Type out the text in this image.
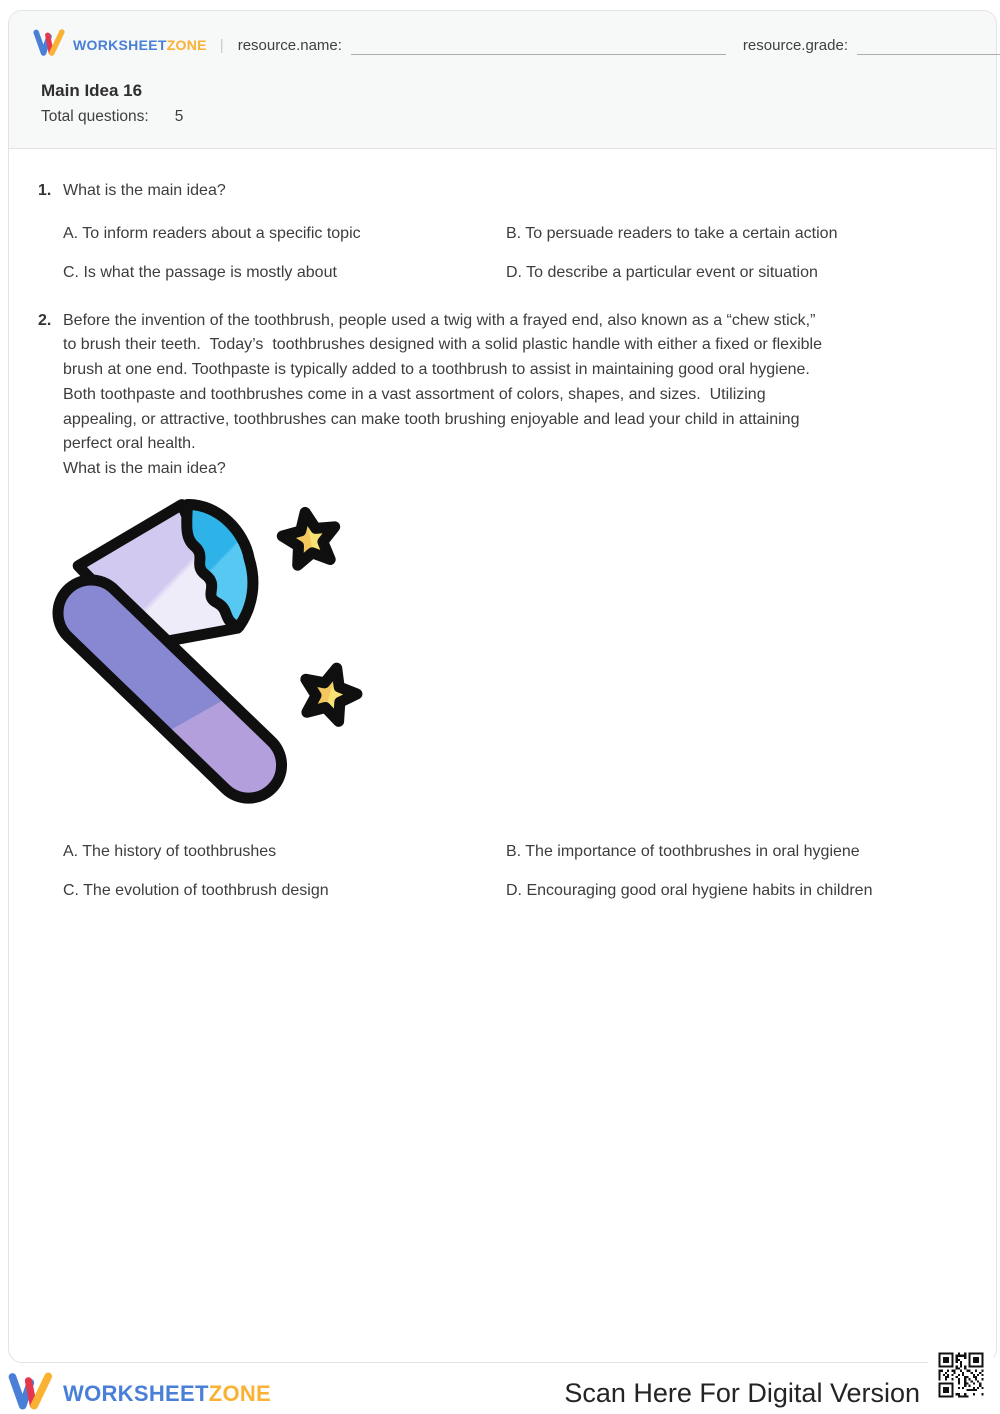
WORKSHEETZONE | resource.name:	resource.grade:
Main Idea 16
Total questions: 5
1. What is the main idea?
A. To inform readers about a specific topic	B. To persuade readers to take a certain action
C. Is what the passage is mostly about	D. To describe a particular event or situation
2. Before the invention of the toothbrush, people used a twig with a frayed end, also known as a “chew stick,”
to brush their teeth.  Today’s  toothbrushes designed with a solid plastic handle with either a fixed or flexible
brush at one end. Toothpaste is typically added to a toothbrush to assist in maintaining good oral hygiene.
Both toothpaste and toothbrushes come in a vast assortment of colors, shapes, and sizes.  Utilizing
appealing, or attractive, toothbrushes can make tooth brushing enjoyable and lead your child in attaining
perfect oral health.
What is the main idea?
A. The history of toothbrushes	B. The importance of toothbrushes in oral hygiene
C. The evolution of toothbrush design	D. Encouraging good oral hygiene habits in children
WORKSHEETZONE	Scan Here For Digital Version
